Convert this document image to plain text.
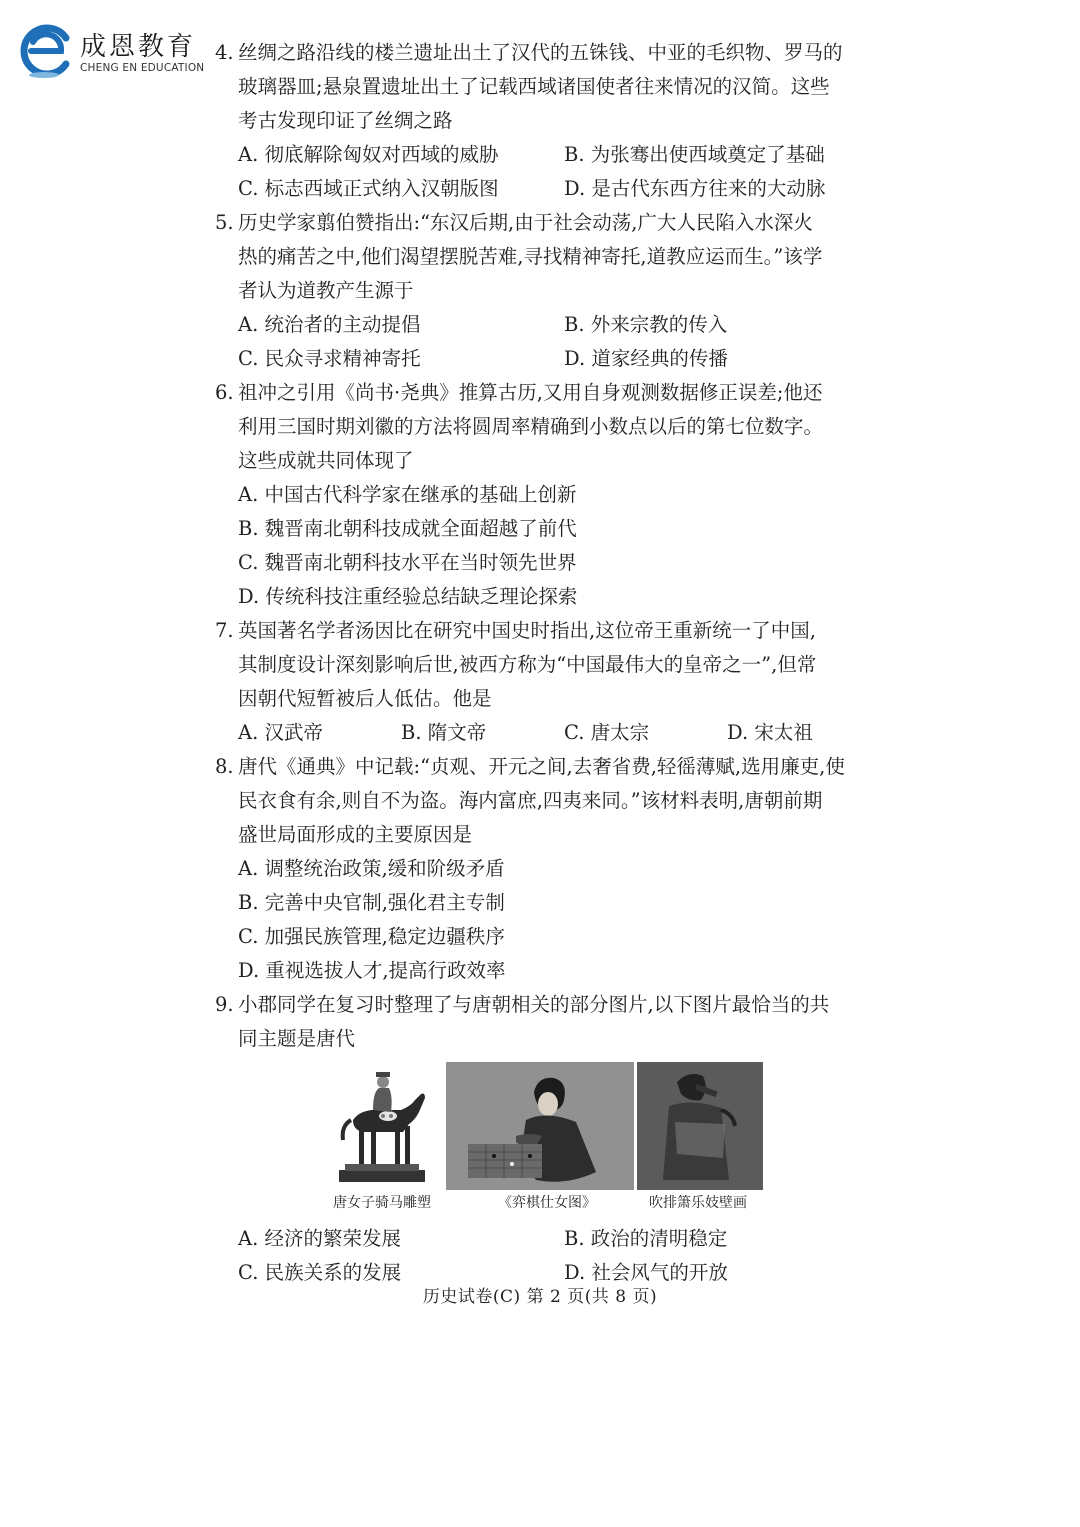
成恩教育
CHENG EN EDUCATION
4. 丝绸之路沿线的楼兰遗址出土了汉代的五铢钱、中亚的毛织物、罗马的
玻璃器皿;悬泉置遗址出土了记载西域诸国使者往来情况的汉简。这些
考古发现印证了丝绸之路
A. 彻底解除匈奴对西域的威胁	B. 为张骞出使西域奠定了基础
C. 标志西域正式纳入汉朝版图	D. 是古代东西方往来的大动脉
5. 历史学家翦伯赞指出:“东汉后期,由于社会动荡,广大人民陷入水深火
热的痛苦之中,他们渴望摆脱苦难,寻找精神寄托,道教应运而生。”该学
者认为道教产生源于
A. 统治者的主动提倡	B. 外来宗教的传入
C. 民众寻求精神寄托	D. 道家经典的传播
6. 祖冲之引用《尚书·尧典》推算古历,又用自身观测数据修正误差;他还
利用三国时期刘徽的方法将圆周率精确到小数点以后的第七位数字。
这些成就共同体现了
A. 中国古代科学家在继承的基础上创新
B. 魏晋南北朝科技成就全面超越了前代
C. 魏晋南北朝科技水平在当时领先世界
D. 传统科技注重经验总结缺乏理论探索
7. 英国著名学者汤因比在研究中国史时指出,这位帝王重新统一了中国,
其制度设计深刻影响后世,被西方称为“中国最伟大的皇帝之一”,但常
因朝代短暂被后人低估。他是
A. 汉武帝	B. 隋文帝	C. 唐太宗	D. 宋太祖
8. 唐代《通典》中记载:“贞观、开元之间,去奢省费,轻徭薄赋,选用廉吏,使
民衣食有余,则自不为盗。海内富庶,四夷来同。”该材料表明,唐朝前期
盛世局面形成的主要原因是
A. 调整统治政策,缓和阶级矛盾
B. 完善中央官制,强化君主专制
C. 加强民族管理,稳定边疆秩序
D. 重视选拔人才,提高行政效率
9. 小郡同学在复习时整理了与唐朝相关的部分图片,以下图片最恰当的共
同主题是唐代
唐女子骑马雕塑	《弈棋仕女图》	吹排箫乐妓壁画
A. 经济的繁荣发展	B. 政治的清明稳定
C. 民族关系的发展	D. 社会风气的开放
历史试卷(C) 第 2 页(共 8 页)
